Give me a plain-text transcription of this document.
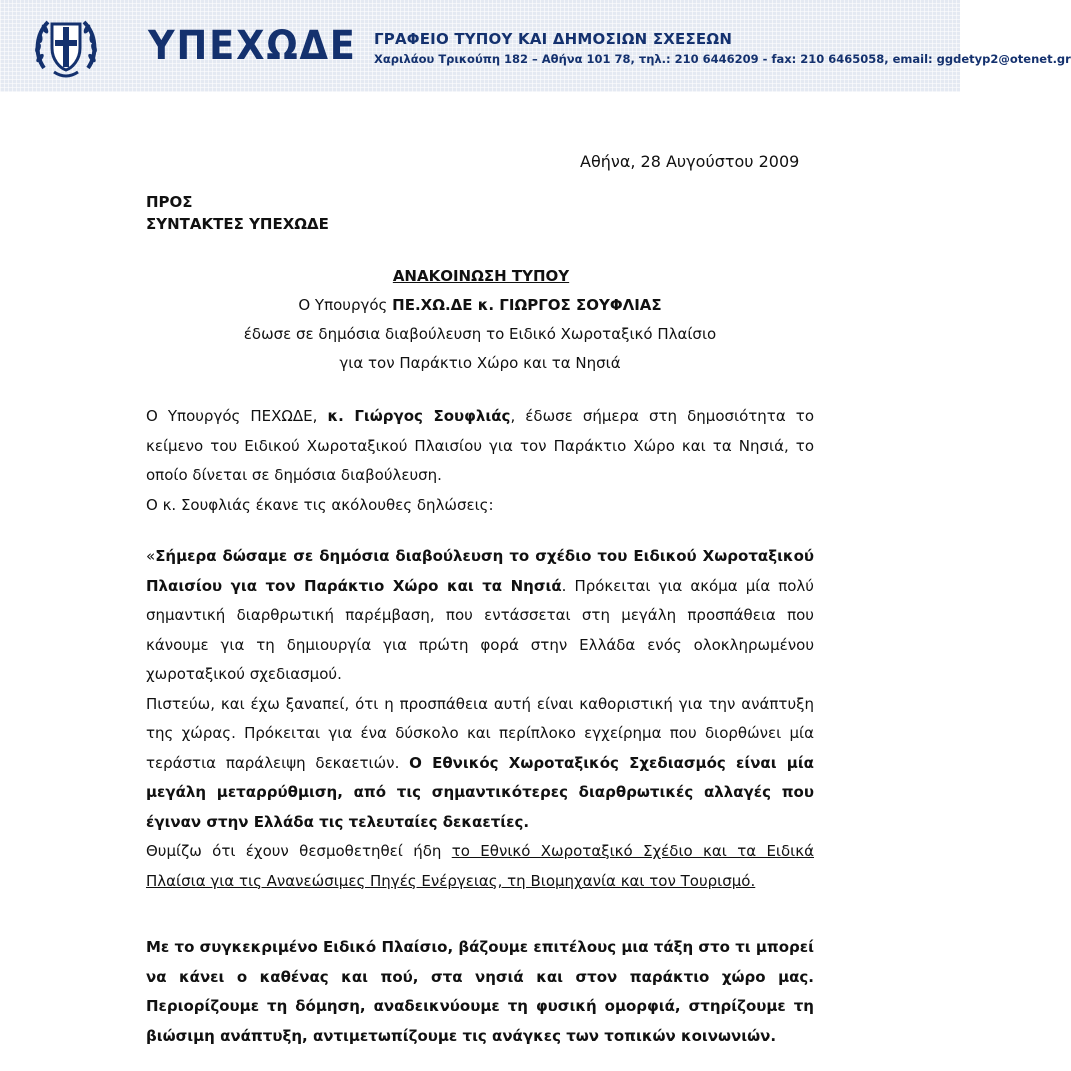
ΥΠΕΧΩΔΕ ΓΡΑΦΕΙΟ ΤΥΠΟΥ ΚΑΙ ΔΗΜΟΣΙΩΝ ΣΧΕΣΕΩΝ
Χαριλάου Τρικούπη 182 – Αθήνα 101 78, τηλ.: 210 6446209 - fax: 210 6465058, email: ggdetyp2@otenet.gr
Αθήνα, 28 Αυγούστου 2009
ΠΡΟΣ
ΣΥΝΤΑΚΤΕΣ ΥΠΕΧΩΔΕ
ΑΝΑΚΟΙΝΩΣΗ ΤΥΠΟΥ
Ο Υπουργός ΠΕ.ΧΩ.ΔΕ κ. ΓΙΩΡΓΟΣ ΣΟΥΦΛΙΑΣ
έδωσε σε δημόσια διαβούλευση το Ειδικό Χωροταξικό Πλαίσιο
για τον Παράκτιο Χώρο και τα Νησιά
Ο Υπουργός ΠΕΧΩΔΕ, κ. Γιώργος Σουφλιάς, έδωσε σήμερα στη δημοσιότητα το κείμενο του Ειδικού Χωροταξικού Πλαισίου για τον Παράκτιο Χώρο και τα Νησιά, το οποίο δίνεται σε δημόσια διαβούλευση.
Ο κ. Σουφλιάς έκανε τις ακόλουθες δηλώσεις:
«Σήμερα δώσαμε σε δημόσια διαβούλευση το σχέδιο του Ειδικού Χωροταξικού Πλαισίου για τον Παράκτιο Χώρο και τα Νησιά. Πρόκειται για ακόμα μία πολύ σημαντική διαρθρωτική παρέμβαση, που εντάσσεται στη μεγάλη προσπάθεια που κάνουμε για τη δημιουργία για πρώτη φορά στην Ελλάδα ενός ολοκληρωμένου χωροταξικού σχεδιασμού.
Πιστεύω, και έχω ξαναπεί, ότι η προσπάθεια αυτή είναι καθοριστική για την ανάπτυξη της χώρας. Πρόκειται για ένα δύσκολο και περίπλοκο εγχείρημα που διορθώνει μία τεράστια παράλειψη δεκαετιών. Ο Εθνικός Χωροταξικός Σχεδιασμός είναι μία μεγάλη μεταρρύθμιση, από τις σημαντικότερες διαρθρωτικές αλλαγές που έγιναν στην Ελλάδα τις τελευταίες δεκαετίες.
Θυμίζω ότι έχουν θεσμοθετηθεί ήδη το Εθνικό Χωροταξικό Σχέδιο και τα Ειδικά Πλαίσια για τις Ανανεώσιμες Πηγές Ενέργειας, τη Βιομηχανία και τον Τουρισμό.
Με το συγκεκριμένο Ειδικό Πλαίσιο, βάζουμε επιτέλους μια τάξη στο τι μπορεί να κάνει ο καθένας και πού, στα νησιά και στον παράκτιο χώρο μας. Περιορίζουμε τη δόμηση, αναδεικνύουμε τη φυσική ομορφιά, στηρίζουμε τη βιώσιμη ανάπτυξη, αντιμετωπίζουμε τις ανάγκες των τοπικών κοινωνιών.
